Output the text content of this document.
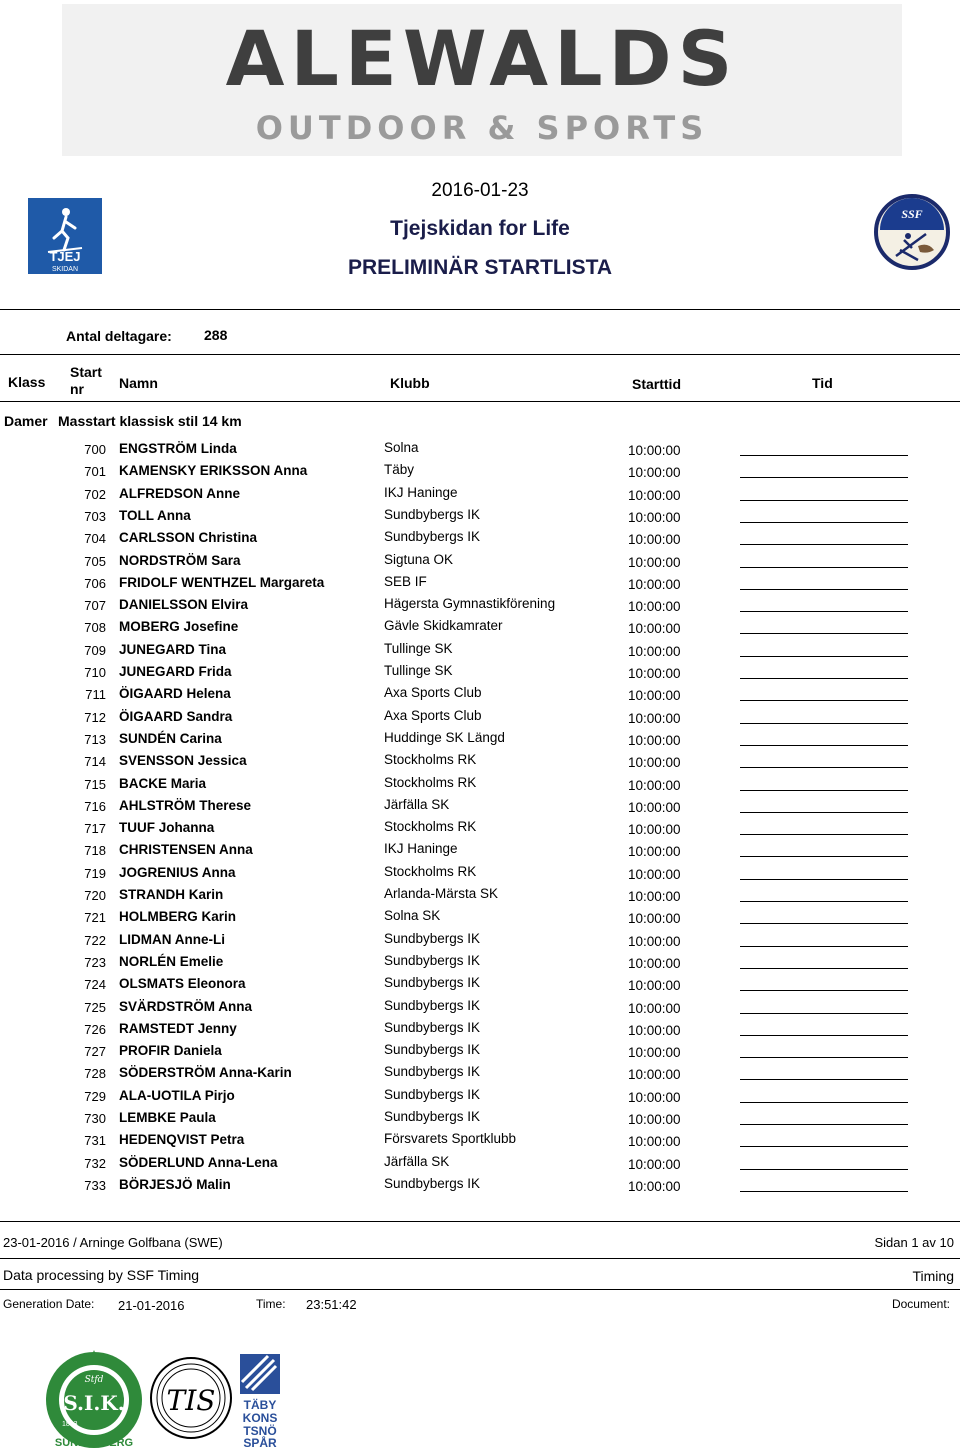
ALEWALDS
OUTDOOR & SPORTS
TJEJ
SKIDAN
SSF
2016-01-23
Tjejskidan for Life
PRELIMINÄR STARTLISTA
Antal deltagare: 288
Klass
Start
nr	Namn	Klubb	Starttid	Tid
Damer Masstart klassisk stil 14 km
700 ENGSTRÖM Linda	Solna	10:00:00
701 KAMENSKY ERIKSSON Anna	Täby	10:00:00
702 ALFREDSON Anne	IKJ Haninge	10:00:00
703 TOLL Anna	Sundbybergs IK	10:00:00
704 CARLSSON Christina	Sundbybergs IK	10:00:00
705 NORDSTRÖM Sara	Sigtuna OK	10:00:00
706 FRIDOLF WENTHZEL Margareta	SEB IF	10:00:00
707 DANIELSSON Elvira	Hägersta Gymnastikförening	10:00:00
708 MOBERG Josefine	Gävle Skidkamrater	10:00:00
709 JUNEGARD Tina	Tullinge SK	10:00:00
710 JUNEGARD Frida	Tullinge SK	10:00:00
711 ÖIGAARD Helena	Axa Sports Club	10:00:00
712 ÖIGAARD Sandra	Axa Sports Club	10:00:00
713 SUNDÉN Carina	Huddinge SK Längd	10:00:00
714 SVENSSON Jessica	Stockholms RK	10:00:00
715 BACKE Maria	Stockholms RK	10:00:00
716 AHLSTRÖM Therese	Järfälla SK	10:00:00
717 TUUF Johanna	Stockholms RK	10:00:00
718 CHRISTENSEN Anna	IKJ Haninge	10:00:00
719 JOGRENIUS Anna	Stockholms RK	10:00:00
720 STRANDH Karin	Arlanda-Märsta SK	10:00:00
721 HOLMBERG Karin	Solna SK	10:00:00
722 LIDMAN Anne-Li	Sundbybergs IK	10:00:00
723 NORLÉN Emelie	Sundbybergs IK	10:00:00
724 OLSMATS Eleonora	Sundbybergs IK	10:00:00
725 SVÄRDSTRÖM Anna	Sundbybergs IK	10:00:00
726 RAMSTEDT Jenny	Sundbybergs IK	10:00:00
727 PROFIR Daniela	Sundbybergs IK	10:00:00
728 SÖDERSTRÖM Anna-Karin	Sundbybergs IK	10:00:00
729 ALA-UOTILA Pirjo	Sundbybergs IK	10:00:00
730 LEMBKE Paula	Sundbybergs IK	10:00:00
731 HEDENQVIST Petra	Försvarets Sportklubb	10:00:00
732 SÖDERLUND Anna-Lena	Järfälla SK	10:00:00
733 BÖRJESJÖ Malin	Sundbybergs IK	10:00:00
23-01-2016 / Arninge Golfbana (SWE)	Sidan 1 av 10
Data processing by SSF Timing	Timing
Generation Date: 21-01-2016	Time: 23:51:42	Document:
S.I.K.
Stfd
1893
SUNDBYBERG
TIS TÄBY
KONS
TSNÖ
SPÅR
